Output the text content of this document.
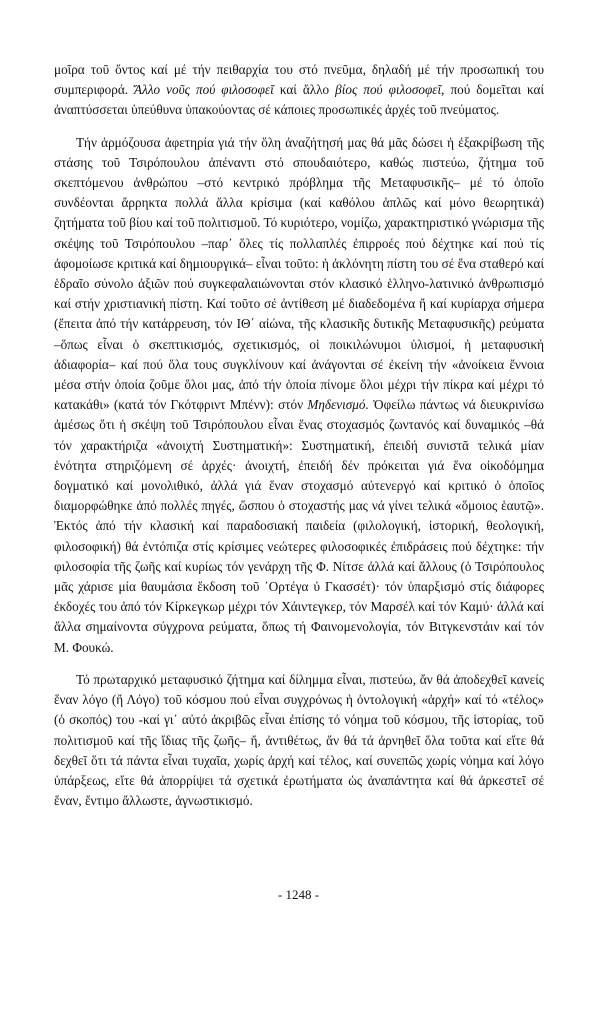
μοῖρα τοῦ ὄντος καί μέ τήν πειθαρχία του στό πνεῦμα, δηλαδή μέ τήν προσωπική του συμπεριφορά. Ἄλλο νοῦς πού φιλοσοφεῖ καί ἄλλο βίος πού φιλοσοφεῖ, πού δομεῖται καί ἀναπτύσσεται ὑπεύθυνα ὑπακούοντας σέ κάποιες προσωπικές ἀρχές τοῦ πνεύματος.

Τήν ἁρμόζουσα ἀφετηρία γιά τήν ὅλη ἀναζήτησή μας θά μᾶς δώσει ἡ ἐξακρίβωση τῆς στάσης τοῦ Τσιρόπουλου ἀπέναντι στό σπουδαιότερο, καθώς πιστεύω, ζήτημα τοῦ σκεπτόμενου ἀνθρώπου –στό κεντρικό πρόβλημα τῆς Μεταφυσικῆς– μέ τό ὁποῖο συνδέονται ἄρρηκτα πολλά ἄλλα κρίσιμα (καί καθόλου ἁπλῶς καί μόνο θεωρητικά) ζητήματα τοῦ βίου καί τοῦ πολιτισμοῦ. Τό κυριότερο, νομίζω, χαρακτηριστικό γνώρισμα τῆς σκέψης τοῦ Τσιρόπουλου –παρ᾽ ὅλες τίς πολλαπλές ἐπιρροές πού δέχτηκε καί πού τίς ἀφομοίωσε κριτικά καί δημιουργικά– εἶναι τοῦτο: ἡ ἀκλόνητη πίστη του σέ ἕνα σταθερό καί ἑδραῖο σύνολο ἀξιῶν πού συγκεφαλαιώνονται στόν κλασικό ἑλληνο-λατινικό ἀνθρωπισμό καί στήν χριστιανική πίστη. Καί τοῦτο σέ ἀντίθεση μέ διαδεδομένα ἤ καί κυρίαρχα σήμερα (ἔπειτα ἀπό τήν κατάρρευση, τόν ΙΘ΄ αἰώνα, τῆς κλασικῆς δυτικῆς Μεταφυσικῆς) ρεύματα –ὅπως εἶναι ὁ σκεπτικισμός, σχετικισμός, οἱ ποικιλώνυμοι ὑλισμοί, ἡ μεταφυσική ἀδιαφορία– καί πού ὅλα τους συγκλίνουν καί ἀνάγονται σέ ἐκείνη τήν «ἀνοίκεια ἔννοια μέσα στήν ὁποία ζοῦμε ὅλοι μας, ἀπό τήν ὁποία πίνομε ὅλοι μέχρι τήν πίκρα καί μέχρι τό κατακάθι» (κατά τόν Γκότφριντ Μπένν): στόν Μηδενισμό. Ὀφείλω πάντως νά διευκρινίσω ἀμέσως ὅτι ἡ σκέψη τοῦ Τσιρόπουλου εἶναι ἕνας στοχασμός ζωντανός καί δυναμικός –θά τόν χαρακτήριζα «ἀνοιχτή Συστηματική»: Συστηματική, ἐπειδή συνιστᾶ τελικά μίαν ἑνότητα στηριζόμενη σέ ἀρχές· ἀνοιχτή, ἐπειδή δέν πρόκειται γιά ἕνα οἰκοδόμημα δογματικό καί μονολιθικό, ἀλλά γιά ἕναν στοχασμό αὐτενεργό καί κριτικό ὁ ὁποῖος διαμορφώθηκε ἀπό πολλές πηγές, ὥσπου ὁ στοχαστής μας νά γίνει τελικά «ὅμοιος ἑαυτῷ». Ἐκτός ἀπό τήν κλασική καί παραδοσιακή παιδεία (φιλολογική, ἱστορική, θεολογική, φιλοσοφική) θά ἐντόπιζα στίς κρίσιμες νεώτερες φιλοσοφικές ἐπιδράσεις πού δέχτηκε: τήν φιλοσοφία τῆς ζωῆς καί κυρίως τόν γενάρχη τῆς Φ. Νίτσε ἀλλά καί ἄλλους (ὁ Τσιρόπουλος μᾶς χάρισε μία θαυμάσια ἔκδοση τοῦ ᾽Ορτέγα ὐ Γκασσέτ)· τόν ὑπαρξισμό στίς διάφορες ἐκδοχές του ἀπό τόν Κίρκεγκωρ μέχρι τόν Χάιντεγκερ, τόν Μαρσέλ καί τόν Καμύ· ἀλλά καί ἄλλα σημαίνοντα σύγχρονα ρεύματα, ὅπως τή Φαινομενολογία, τόν Βιτγκενστάιν καί τόν Μ. Φουκώ.

Τό πρωταρχικό μεταφυσικό ζήτημα καί δίλημμα εἶναι, πιστεύω, ἄν θά ἀποδεχθεῖ κανείς ἕναν λόγο (ἤ Λόγο) τοῦ κόσμου πού εἶναι συγχρόνως ἡ ὀντολογική «ἀρχή» καί τό «τέλος» (ὁ σκοπός) του -καί γι᾽ αὐτό ἀκριβῶς εἶναι ἐπίσης τό νόημα τοῦ κόσμου, τῆς ἱστορίας, τοῦ πολιτισμοῦ καί τῆς ἴδιας τῆς ζωῆς– ἤ, ἀντιθέτως, ἄν θά τά ἀρνηθεῖ ὅλα τοῦτα καί εἴτε θά δεχθεῖ ὅτι τά πάντα εἶναι τυχαῖα, χωρίς ἀρχή καί τέλος, καί συνεπῶς χωρίς νόημα καί λόγο ὑπάρξεως, εἴτε θά ἀπορρίψει τά σχετικά ἐρωτήματα ὡς ἀναπάντητα καί θά ἀρκεστεῖ σέ ἕναν, ἔντιμο ἄλλωστε, ἀγνωστικισμό.

- 1248 -
